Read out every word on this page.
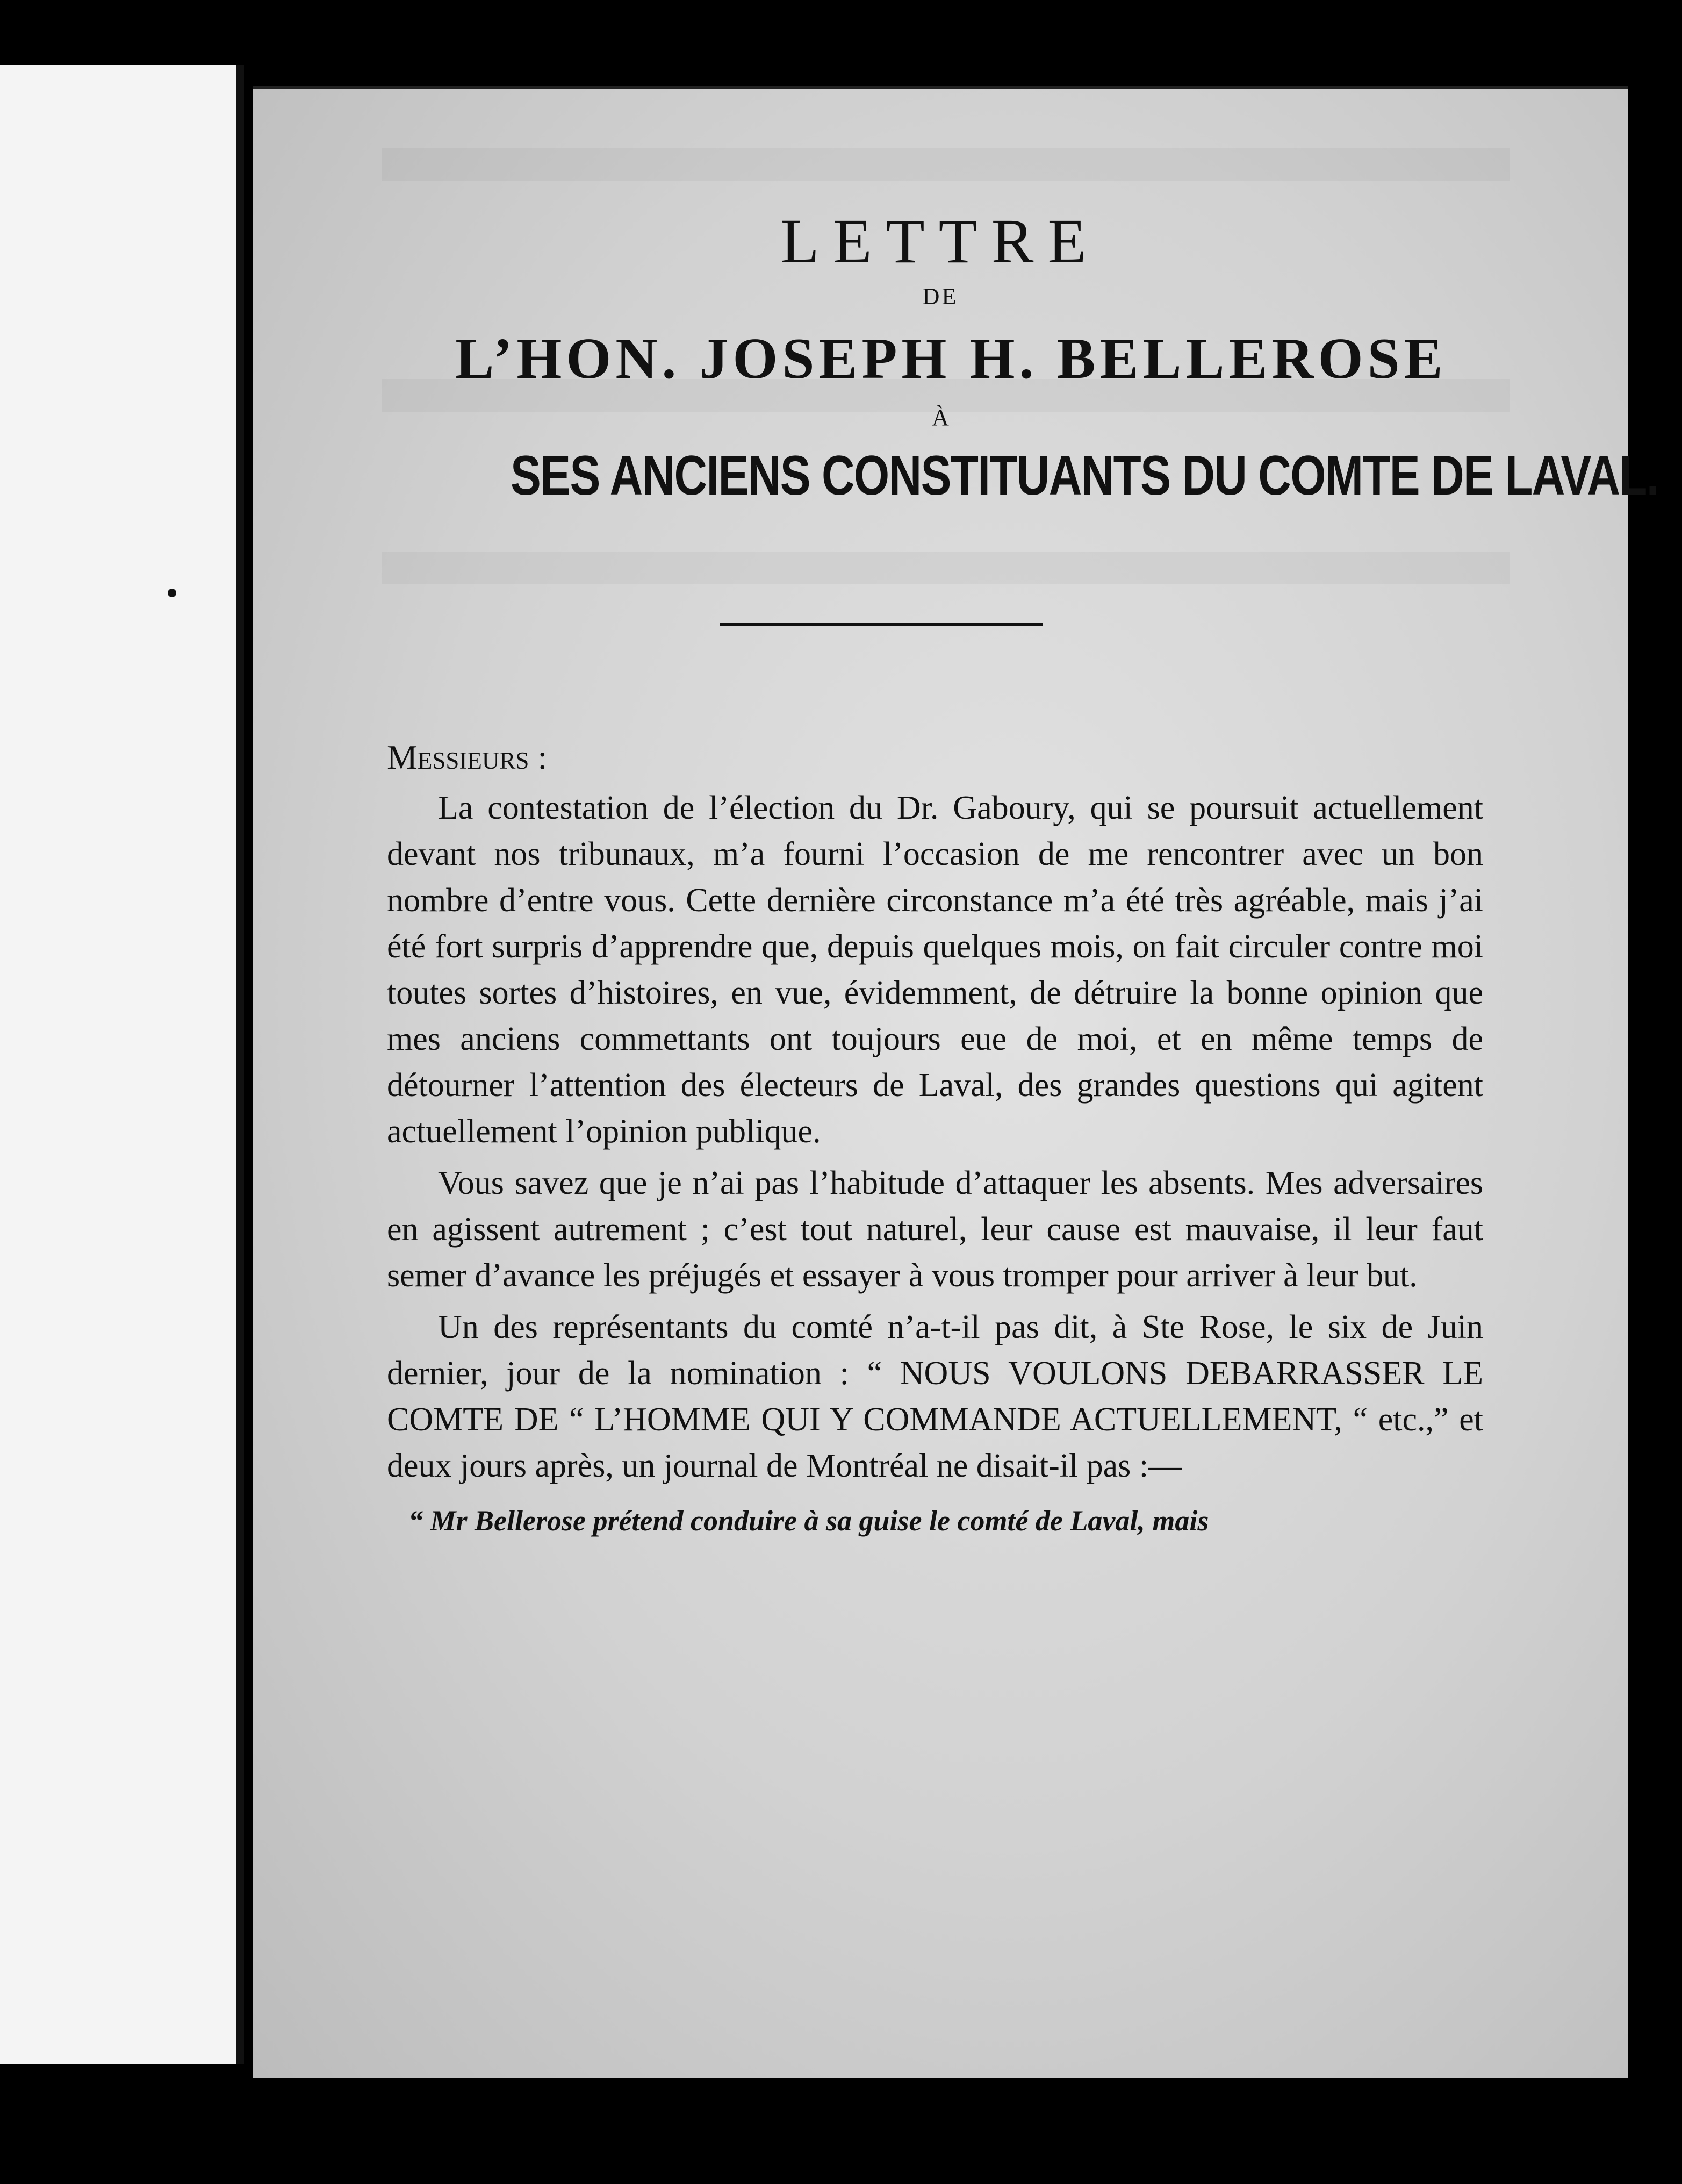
LETTRE
DE
L’HON. JOSEPH H. BELLEROSE
À
SES ANCIENS CONSTITUANTS DU COMTE DE LAVAL.

Messieurs :

La contestation de l’élection du Dr. Gaboury, qui se poursuit actuellement devant nos tribunaux, m’a fourni l’occasion de me rencontrer avec un bon nombre d’entre vous. Cette dernière circonstance m’a été très agréable, mais j’ai été fort surpris d’apprendre que, depuis quelques mois, on fait circuler contre moi toutes sortes d’histoires, en vue, évidemment, de détruire la bonne opinion que mes anciens commettants ont toujours eue de moi, et en même temps de détourner l’attention des électeurs de Laval, des grandes questions qui agitent actuellement l’opinion publique.

Vous savez que je n’ai pas l’habitude d’attaquer les absents. Mes adversaires en agissent autrement ; c’est tout naturel, leur cause est mauvaise, il leur faut semer d’avance les préjugés et essayer à vous tromper pour arriver à leur but.

Un des représentants du comté n’a-t-il pas dit, à Ste Rose, le six de Juin dernier, jour de la nomination : “ NOUS VOULONS DEBARRASSER LE COMTE DE “ L’HOMME QUI Y COMMANDE ACTUELLEMENT, “ etc.,” et deux jours après, un journal de Montréal ne disait-il pas :—

“ Mr Bellerose prétend conduire à sa guise le comté de Laval, mais
